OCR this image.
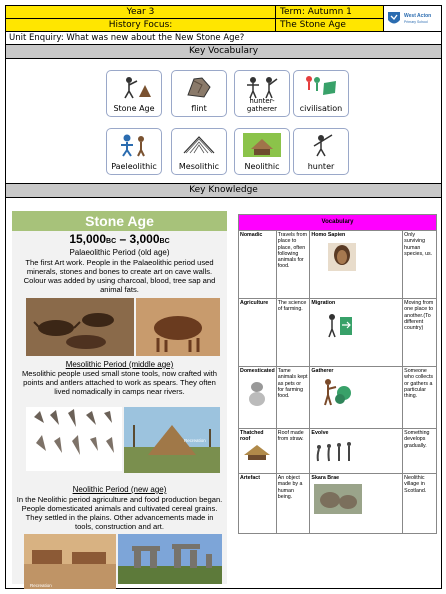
Year 3	Term: Autumn 1
History Focus:	The Stone Age
West Acton
Primary School
Unit Enquiry: What was new about the New Stone Age?
Key Vocabulary
Stone Age	flint
hunter-gatherer	civilisation
Paeleolithic	Mesolithic	Neolithic	hunter
Key Knowledge
Stone Age
15,000BC – 3,000BC
Palaeolithic Period (old age)
The first Art work. People in the Palaeolithic period used minerals, stones and bones to create art on cave walls. Colour was added by using charcoal, blood, tree sap and animal fats.
Mesolithic Period (middle age)
Mesolithic people used small stone tools, now crafted with points and antlers attached to work as spears. They often lived nomadically in camps near rivers.
Recreation
Neolithic Period (new age)
In the Neolithic period agriculture and food production began. People domesticated animals and cultivated cereal grains. They settled in the plains. Other advancements made in tools, construction and art.
Recreation
Vocabulary			
Nomadic	Travels from place to place, often following animals for food.	Homo Sapien	Only surviving human species, us.
Agriculture	The science of farming.	Migration	Moving from one place to another.(To different country)
Domesticated	Tame animals kept as pets or for farming food.	Gatherer	Someone who collects or gathers a particular thing.
Thatched roof	Roof made from straw.	Evolve	Something develops gradually.
Artefact	An object made by a human being.	Skara Brae	Neolithic village in Scotland.
